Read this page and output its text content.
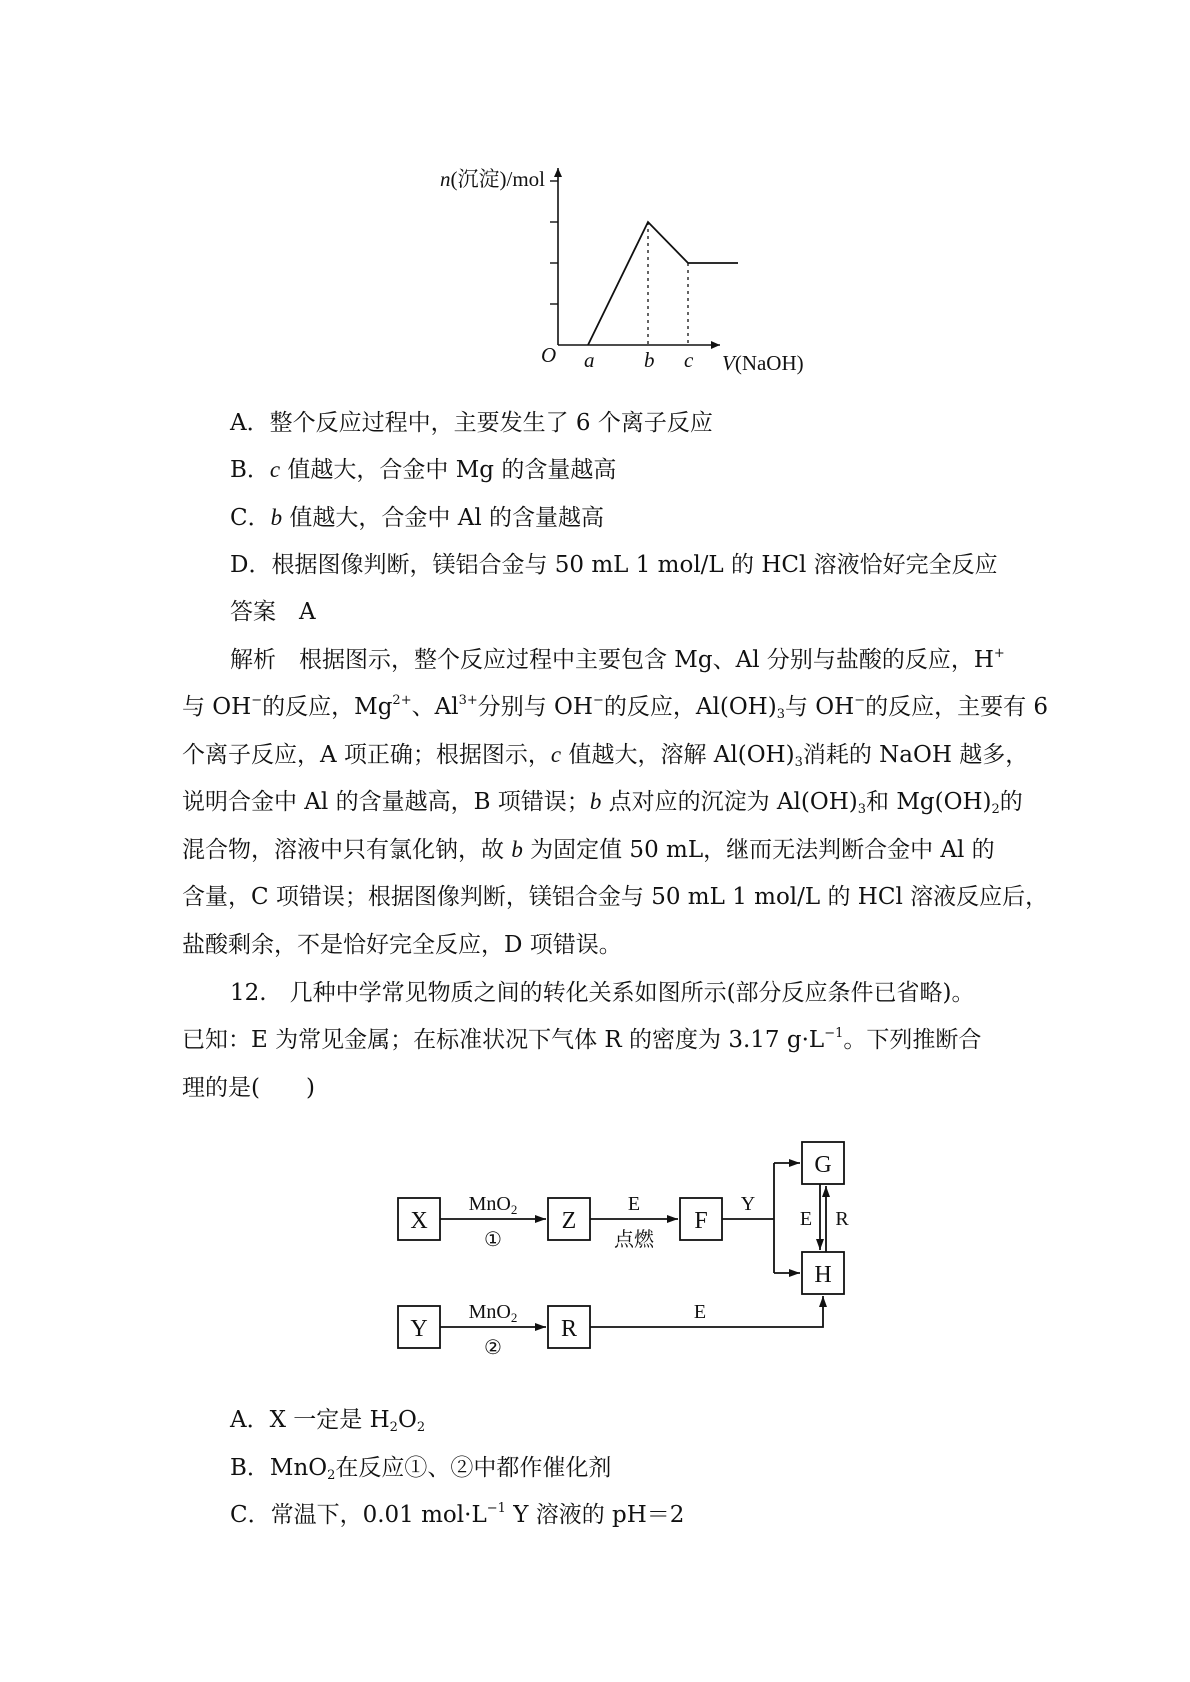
n(沉淀)/mol
V(NaOH)
O a b c
A．整个反应过程中，主要发生了 6 个离子反应
B．c 值越大，合金中 Mg 的含量越高
C．b 值越大，合金中 Al 的含量越高
D．根据图像判断，镁铝合金与 50 mL 1 mol/L 的 HCl 溶液恰好完全反应
答案　A
解析　根据图示，整个反应过程中主要包含 Mg、Al 分别与盐酸的反应，H+
与 OH−的反应，$Mg^{2+}$、$Al^{3+}$分别与 OH−的反应，$Al(OH)_3$与 OH−的反应，主要有 6
个离子反应，A 项正确；根据图示，c 值越大，溶解 $Al(OH)_3$消耗的 NaOH 越多，
说明合金中 Al 的含量越高，B 项错误；b 点对应的沉淀为 $Al(OH)_3$和 $Mg(OH)_2$的
混合物，溶液中只有氯化钠，故 b 为固定值 50 mL，继而无法判断合金中 Al 的
含量，C 项错误；根据图像判断，镁铝合金与 50 mL 1 mol/L 的 HCl 溶液反应后，
盐酸剩余，不是恰好完全反应，D 项错误。
12.　几种中学常见物质之间的转化关系如图所示(部分反应条件已省略)。
已知：E 为常见金属；在标准状况下气体 R 的密度为 3.17 $g\cdot L^{-1}$。下列推断合
理的是(　　)
X	Z	F
G
H
Y	R
MnO$_2$
①
E
点燃
Y
E R
MnO$_2$
②
E
A．X 一定是 $H_2O_2$
B．MnO$_2$在反应①、②中都作催化剂
C．常温下，0.01 $mol\cdot L^{-1}$ Y 溶液的 pH＝2
